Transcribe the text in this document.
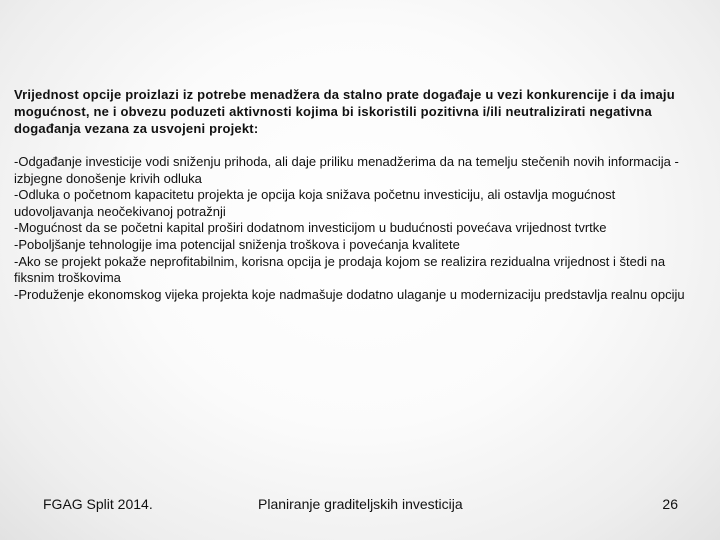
Vrijednost opcije proizlazi iz potrebe menadžera da stalno prate događaje u vezi konkurencije i da imaju mogućnost, ne i obvezu poduzeti aktivnosti kojima bi iskoristili pozitivna i/ili neutralizirati negativna događanja vezana za usvojeni projekt:

-Odgađanje investicije vodi sniženju prihoda, ali daje priliku menadžerima da na temelju stečenih novih informacija -izbjegne donošenje krivih odluka
-Odluka o početnom kapacitetu projekta je opcija koja snižava početnu investiciju, ali ostavlja mogućnost udovoljavanja neočekivanoj potražnji
-Mogućnost da se početni kapital proširi dodatnom investicijom u budućnosti povećava vrijednost tvrtke
-Poboljšanje tehnologije ima potencijal sniženja troškova i povećanja kvalitete
-Ako se projekt pokaže neprofitabilnim, korisna opcija je prodaja kojom se realizira rezidualna vrijednost i štedi na fiksnim troškovima
-Produženje ekonomskog vijeka projekta koje nadmašuje dodatno ulaganje u modernizaciju predstavlja realnu opciju
FGAG Split 2014.	Planiranje graditeljskih investicija	26
